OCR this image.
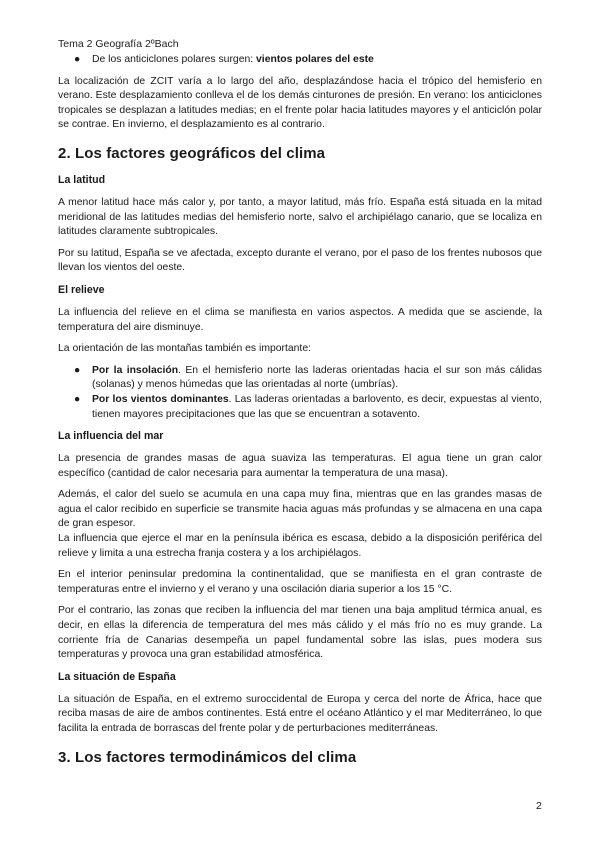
Tema 2 Geografía 2ºBach
● De los anticiclones polares surgen: vientos polares del este

La localización de ZCIT varía a lo largo del año, desplazándose hacia el trópico del hemisferio en verano. Este desplazamiento conlleva el de los demás cinturones de presión. En verano: los anticiclones tropicales se desplazan a latitudes medias; en el frente polar hacia latitudes mayores y el anticiclón polar se contrae. En invierno, el desplazamiento es al contrario.

2. Los factores geográficos del clima
La latitud

A menor latitud hace más calor y, por tanto, a mayor latitud, más frío. España está situada en la mitad meridional de las latitudes medias del hemisferio norte, salvo el archipiélago canario, que se localiza en latitudes claramente subtropicales.

Por su latitud, España se ve afectada, excepto durante el verano, por el paso de los frentes nubosos que llevan los vientos del oeste.

El relieve

La influencia del relieve en el clima se manifiesta en varios aspectos. A medida que se asciende, la temperatura del aire disminuye.

La orientación de las montañas también es importante:

● Por la insolación. En el hemisferio norte las laderas orientadas hacia el sur son más cálidas (solanas) y menos húmedas que las orientadas al norte (umbrías).
● Por los vientos dominantes. Las laderas orientadas a barlovento, es decir, expuestas al viento, tienen mayores precipitaciones que las que se encuentran a sotavento.
La influencia del mar

La presencia de grandes masas de agua suaviza las temperaturas. El agua tiene un gran calor específico (cantidad de calor necesaria para aumentar la temperatura de una masa).

Además, el calor del suelo se acumula en una capa muy fina, mientras que en las grandes masas de agua el calor recibido en superficie se transmite hacia aguas más profundas y se almacena en una capa de gran espesor.

La influencia que ejerce el mar en la península ibérica es escasa, debido a la disposición periférica del relieve y limita a una estrecha franja costera y a los archipiélagos.

En el interior peninsular predomina la continentalidad, que se manifiesta en el gran contraste de temperaturas entre el invierno y el verano y una oscilación diaria superior a los 15 °C.

Por el contrario, las zonas que reciben la influencia del mar tienen una baja amplitud térmica anual, es decir, en ellas la diferencia de temperatura del mes más cálido y el más frío no es muy grande. La corriente fría de Canarias desempeña un papel fundamental sobre las islas, pues modera sus temperaturas y provoca una gran estabilidad atmosférica.

La situación de España

La situación de España, en el extremo suroccidental de Europa y cerca del norte de África, hace que reciba masas de aire de ambos continentes. Está entre el océano Atlántico y el mar Mediterráneo, lo que facilita la entrada de borrascas del frente polar y de perturbaciones mediterráneas.

3. Los factores termodinámicos del clima
2
